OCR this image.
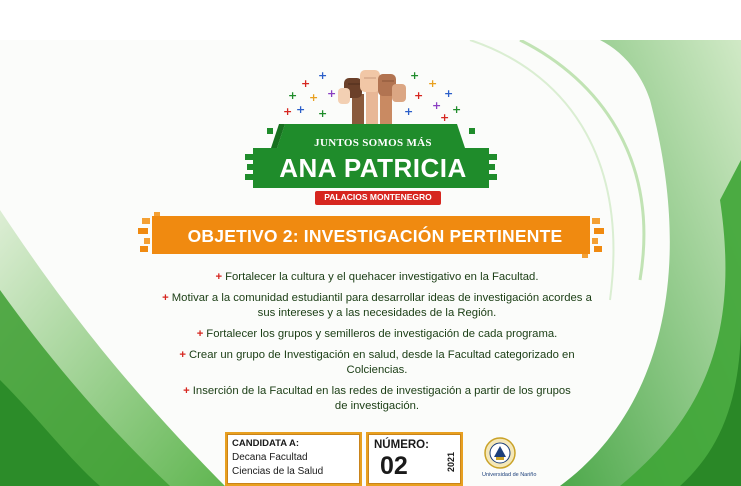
+
+
+ + +
+
+ +
+
+
+
+
+ +
+ +
JUNTOS SOMOS MÁS
ANA PATRICIA
PALACIOS MONTENEGRO
OBJETIVO 2: INVESTIGACIÓN PERTINENTE
+ Fortalecer la cultura y el quehacer investigativo en la Facultad.
+ Motivar a la comunidad estudiantil para desarrollar ideas de investigación acordes a
sus intereses y a las necesidades de la Región.
+ Fortalecer los grupos y semilleros de investigación de cada programa.
+ Crear un grupo de Investigación en salud, desde la Facultad categorizado en
Colciencias.
+ Inserción de la Facultad en las redes de investigación a partir de los grupos
de investigación.
CANDIDATA A:
Decana Facultad
Ciencias de la Salud
NÚMERO:
02	2021
Universidad de Nariño
